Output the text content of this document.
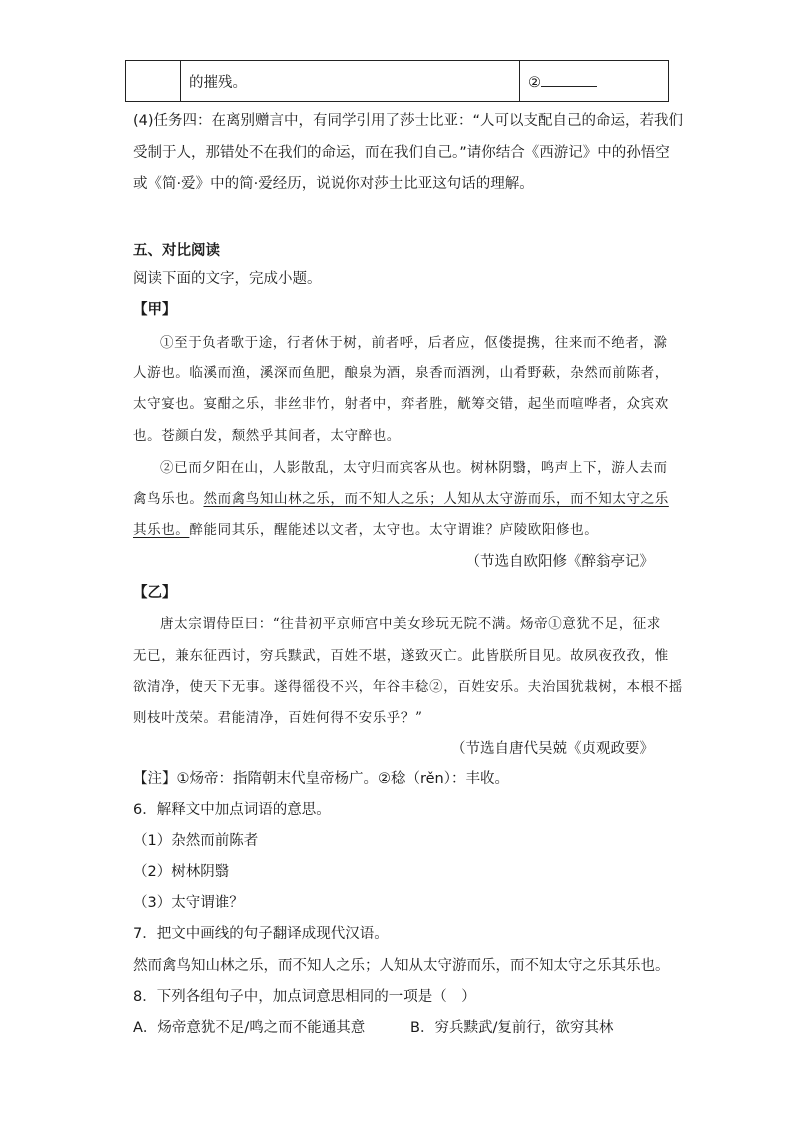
	的摧残。	②
(4)任务四：在离别赠言中，有同学引用了莎士比亚：“人可以支配自己的命运，若我们
受制于人，那错处不在我们的命运，而在我们自己。”请你结合《西游记》中的孙悟空
或《简·爱》中的简·爱经历，说说你对莎士比亚这句话的理解。
五、对比阅读
阅读下面的文字，完成小题。
【甲】
①至于负者歌于途，行者休于树，前者呼，后者应，伛偻提携，往来而不绝者，滁
人游也。临溪而渔，溪深而鱼肥，酿泉为酒，泉香而酒洌，山肴野蔌，杂然而前陈者，
太守宴也。宴酣之乐，非丝非竹，射者中，弈者胜，觥筹交错，起坐而喧哗者，众宾欢
也。苍颜白发，颓然乎其间者，太守醉也。
②已而夕阳在山，人影散乱，太守归而宾客从也。树林阴翳，鸣声上下，游人去而
禽鸟乐也。然而禽鸟知山林之乐，而不知人之乐；人知从太守游而乐，而不知太守之乐
其乐也。醉能同其乐，醒能述以文者，太守也。太守谓谁？庐陵欧阳修也。
（节选自欧阳修《醉翁亭记》
【乙】
唐太宗谓侍臣曰：“往昔初平京师宫中美女珍玩无院不满。炀帝①意犹不足，征求
无已，兼东征西讨，穷兵黩武，百姓不堪，遂致灭亡。此皆朕所目见。故夙夜孜孜，惟
欲清净，使天下无事。遂得徭役不兴，年谷丰稔②，百姓安乐。夫治国犹栽树，本根不摇
则枝叶茂荣。君能清净，百姓何得不安乐乎？”
（节选自唐代吴兢《贞观政要》
【注】①炀帝：指隋朝末代皇帝杨广。②稔（rěn）：丰收。
6．解释文中加点词语的意思。
（1）杂然而前陈者
（2）树林阴翳
（3）太守谓谁？
7．把文中画线的句子翻译成现代汉语。
然而禽鸟知山林之乐，而不知人之乐；人知从太守游而乐，而不知太守之乐其乐也。
8．下列各组句子中，加点词意思相同的一项是（　）
A．炀帝意犹不足/鸣之而不能通其意	B．穷兵黩武/复前行，欲穷其林
